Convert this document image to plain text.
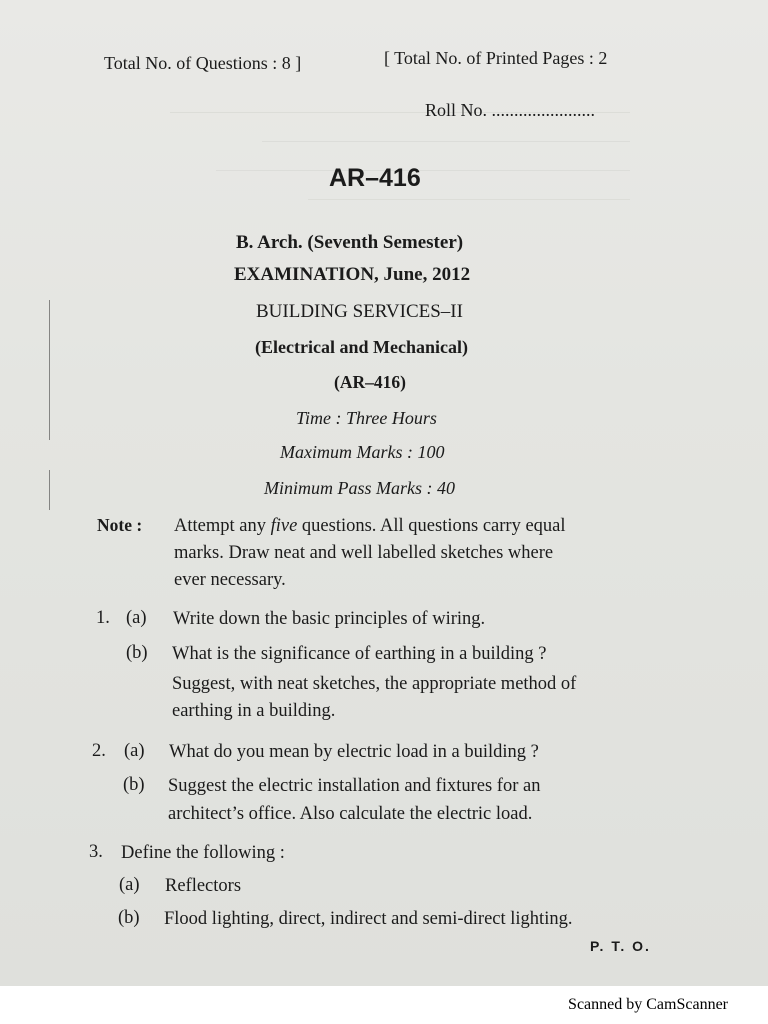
Total No. of Questions : 8 ]	[ Total No. of Printed Pages : 2
Roll No. .......................
AR–416
B. Arch. (Seventh Semester)
EXAMINATION, June, 2012
BUILDING SERVICES–II
(Electrical and Mechanical)
(AR–416)
Time : Three Hours
Maximum Marks : 100
Minimum Pass Marks : 40
Note : Attempt any five questions. All questions carry equal
marks. Draw neat and well labelled sketches where
ever necessary.
1. (a) Write down the basic principles of wiring.
(b) What is the significance of earthing in a building ?
Suggest, with neat sketches, the appropriate method of
earthing in a building.
2. (a) What do you mean by electric load in a building ?
(b) Suggest the electric installation and fixtures for an
architect’s office. Also calculate the electric load.
3. Define the following :
(a) Reflectors
(b) Flood lighting, direct, indirect and semi-direct lighting.
P. T. O.
Scanned by CamScanner
